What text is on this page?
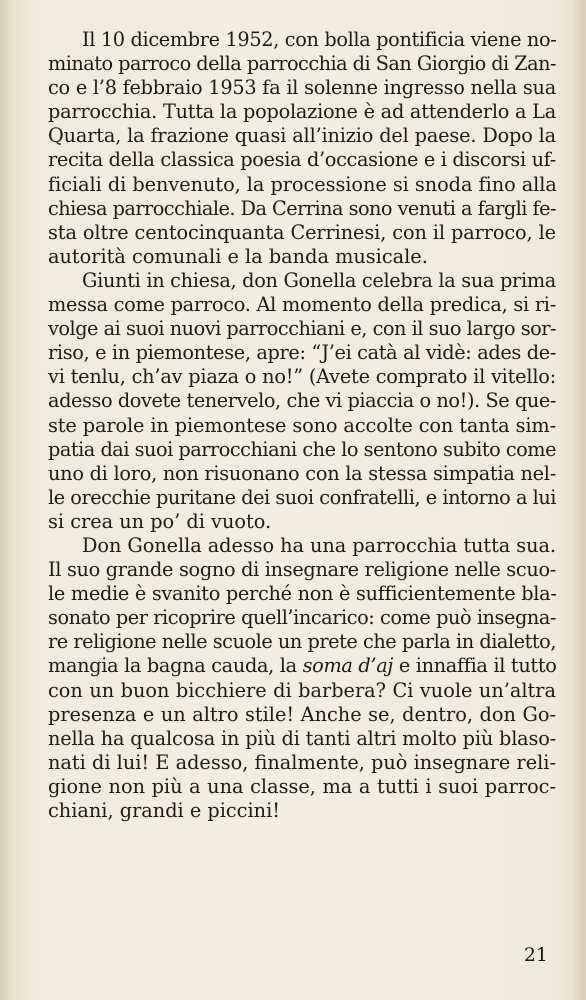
Il 10 dicembre 1952, con bolla pontificia viene no-
minato parroco della parrocchia di San Giorgio di Zan-
co e l’8 febbraio 1953 fa il solenne ingresso nella sua
parrocchia. Tutta la popolazione è ad attenderlo a La
Quarta, la frazione quasi all’inizio del paese. Dopo la
recita della classica poesia d’occasione e i discorsi uf-
ficiali di benvenuto, la processione si snoda fino alla
chiesa parrocchiale. Da Cerrina sono venuti a fargli fe-
sta oltre centocinquanta Cerrinesi, con il parroco, le
autorità comunali e la banda musicale.
Giunti in chiesa, don Gonella celebra la sua prima
messa come parroco. Al momento della predica, si ri-
volge ai suoi nuovi parrocchiani e, con il suo largo sor-
riso, e in piemontese, apre: “J’ei catà al vidè: ades de-
vi tenlu, ch’av piaza o no!” (Avete comprato il vitello:
adesso dovete tenervelo, che vi piaccia o no!). Se que-
ste parole in piemontese sono accolte con tanta sim-
patia dai suoi parrocchiani che lo sentono subito come
uno di loro, non risuonano con la stessa simpatia nel-
le orecchie puritane dei suoi confratelli, e intorno a lui
si crea un po’ di vuoto.
Don Gonella adesso ha una parrocchia tutta sua.
Il suo grande sogno di insegnare religione nelle scuo-
le medie è svanito perché non è sufficientemente bla-
sonato per ricoprire quell’incarico: come può insegna-
re religione nelle scuole un prete che parla in dialetto,
mangia la bagna cauda, la soma d’aj e innaffia il tutto
con un buon bicchiere di barbera? Ci vuole un’altra
presenza e un altro stile! Anche se, dentro, don Go-
nella ha qualcosa in più di tanti altri molto più blaso-
nati di lui! E adesso, finalmente, può insegnare reli-
gione non più a una classe, ma a tutti i suoi parroc-
chiani, grandi e piccini!
21
